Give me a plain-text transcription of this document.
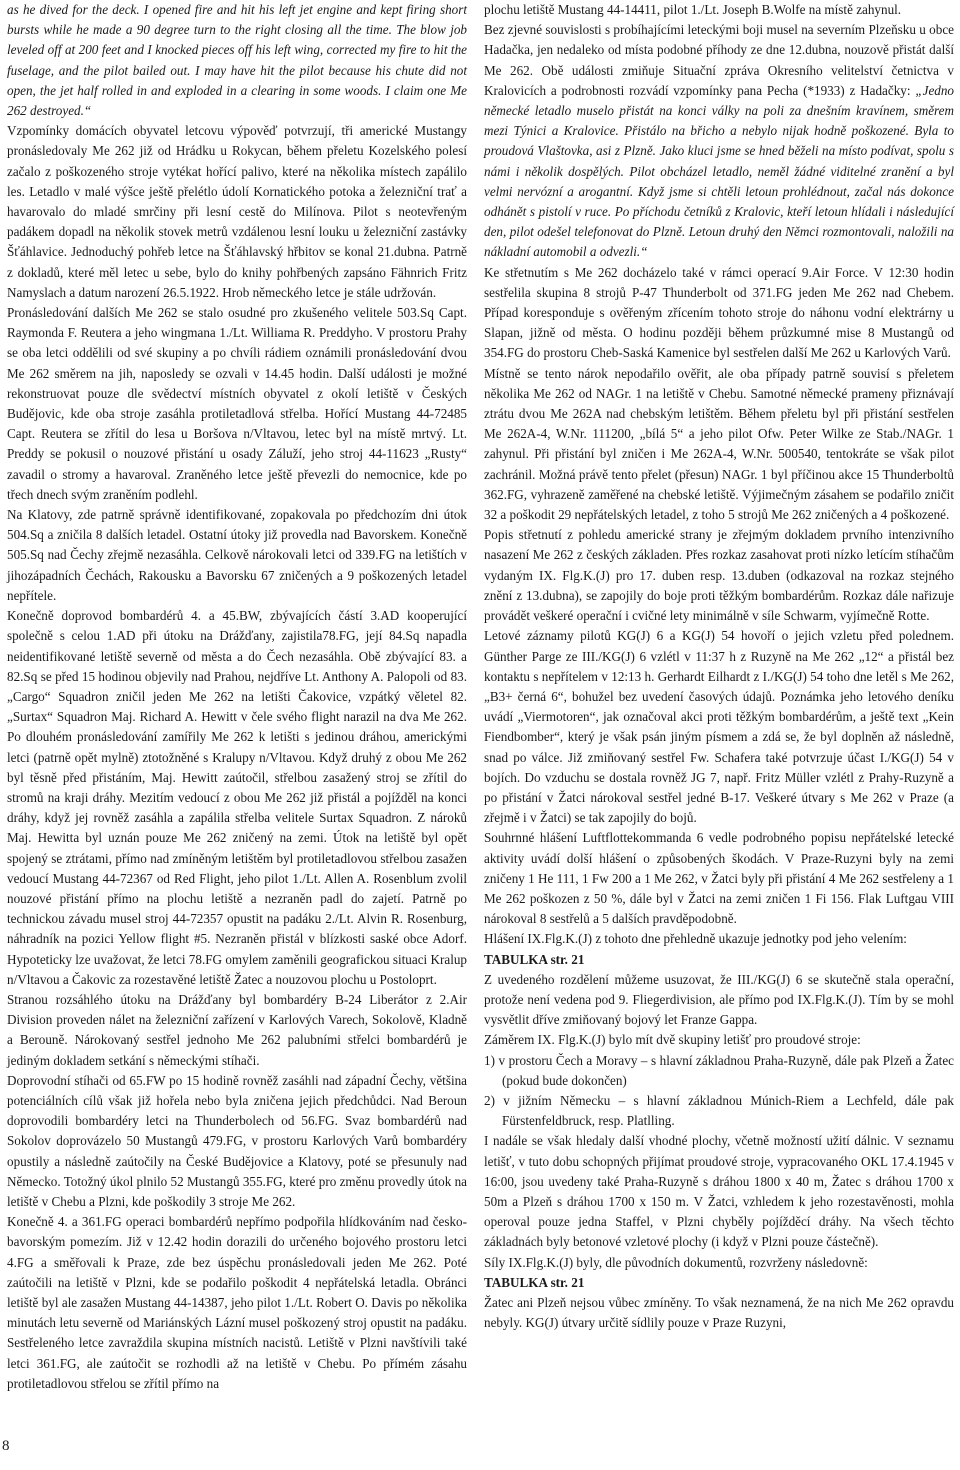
as he dived for the deck. I opened fire and hit his left jet engine and kept firing short bursts while he made a 90 degree turn to the right closing all the time. The blow job leveled off at 200 feet and I knocked pieces off his left wing, corrected my fire to hit the fuselage, and the pilot bailed out. I may have hit the pilot because his chute did not open, the jet half rolled in and exploded in a clearing in some woods. I claim one Me 262 destroyed.“

Vzpomínky domácích obyvatel letcovu výpověď potvrzují, tři americké Mustangy pronásledovaly Me 262 již od Hrádku u Rokycan, během přeletu Kozelského polesí začalo z poškozeného stroje vytékat hořící palivo, které na několika místech zapálilo les. Letadlo v malé výšce ještě přelétlo údolí Kornatického potoka a železniční trať a havarovalo do mladé smrčiny při lesní cestě do Milínova. Pilot s neotevřeným padákem dopadl na několik stovek metrů vzdálenou lesní louku u železniční zastávky Šťáhlavice. Jednoduchý pohřeb letce na Šťáhlavský hřbitov se konal 21.dubna. Patrně z dokladů, které měl letec u sebe, bylo do knihy pohřbených zapsáno Fähnrich Fritz Namyslach a datum narození 26.5.1922. Hrob německého letce je stále udržován.

Pronásledování dalších Me 262 se stalo osudné pro zkušeného velitele 503.Sq Capt. Raymonda F. Reutera a jeho wingmana 1./Lt. Williama R. Preddyho. V prostoru Prahy se oba letci oddělili od své skupiny a po chvíli rádiem oznámili pronásledování dvou Me 262 směrem na jih, naposledy se ozvali v 14.45 hodin. Další události je možné rekonstruovat pouze dle svědectví místních obyvatel z okolí letiště v Českých Budějovic, kde oba stroje zasáhla protiletadlová střelba. Hořící Mustang 44-72485 Capt. Reutera se zřítil do lesa u Boršova n/Vltavou, letec byl na místě mrtvý. Lt. Preddy se pokusil o nouzové přistání u osady Záluží, jeho stroj 44-11623 „Rusty“ zavadil o stromy a havaroval. Zraněného letce ještě převezli do nemocnice, kde po třech dnech svým zraněním podlehl.

Na Klatovy, zde patrně správně identifikované, zopakovala po předchozím dni útok 504.Sq a zničila 8 dalších letadel. Ostatní útoky již provedla nad Bavorskem. Konečně 505.Sq nad Čechy zřejmě nezasáhla. Celkově nárokovali letci od 339.FG na letištích v jihozápadních Čechách, Rakousku a Bavorsku 67 zničených a 9 poškozených letadel nepřítele.

Konečně doprovod bombardérů 4. a 45.BW, zbývajících částí 3.AD kooperující společně s celou 1.AD při útoku na Drážďany, zajistila78.FG, její 84.Sq napadla neidentifikované letiště severně od města a do Čech nezasáhla. Obě zbývající 83. a 82.Sq se před 15 hodinou objevily nad Prahou, nejdříve Lt. Anthony A. Palopoli od 83. „Cargo“ Squadron zničil jeden Me 262 na letišti Čakovice, vzpátký věletel 82. „Surtax“ Squadron Maj. Richard A. Hewitt v čele svého flight narazil na dva Me 262. Po dlouhém pronásledování zamířily Me 262 k letišti s jedinou dráhou, americkými letci (patrně opět mylně) ztotožněné s Kralupy n/Vltavou. Když druhý z obou Me 262 byl těsně před přistáním, Maj. Hewitt zaútočil, střelbou zasažený stroj se zřítil do stromů na kraji dráhy. Mezitím vedoucí z obou Me 262 již přistál a pojížděl na konci dráhy, když jej rovněž zasáhla a zapálila střelba velitele Surtax Squadron. Z nároků Maj. Hewitta byl uznán pouze Me 262 zničený na zemi. Útok na letiště byl opět spojený se ztrátami, přímo nad zmíněným letištěm byl protiletadlovou střelbou zasažen vedoucí Mustang 44-72367 od Red Flight, jeho pilot 1./Lt. Allen A. Rosenblum zvolil nouzové přistání přímo na plochu letiště a nezraněn padl do zajetí. Patrně po technickou závadu musel stroj 44-72357 opustit na padáku 2./Lt. Alvin R. Rosenburg, náhradník na pozici Yellow flight #5. Nezraněn přistál v blízkosti saské obce Adorf. Hypoteticky lze uvažovat, že letci 78.FG omylem zaměnili geografickou situaci Kralup n/Vltavou a Čakovic za rozestavěné letiště Žatec a nouzovou plochu u Postoloprt.

Stranou rozsáhlého útoku na Drážďany byl bombardéry B-24 Liberátor z 2.Air Division proveden nálet na železniční zařízení v Karlových Varech, Sokolově, Kladně a Berouně. Nárokovaný sestřel jednoho Me 262 palubními střelci bombardérů je jediným dokladem setkání s německými stíhači.

Doprovodní stíhači od 65.FW po 15 hodině rovněž zasáhli nad západní Čechy, většina potenciálních cílů však již hořela nebo byla zničena jejich předchůdci. Nad Beroun doprovodili bombardéry letci na Thunderbolech od 56.FG. Svaz bombardérů nad Sokolov doprovázelo 50 Mustangů 479.FG, v prostoru Karlových Varů bombardéry opustily a následně zaútočily na České Budějovice a Klatovy, poté se přesunuly nad Německo. Totožný úkol plnilo 52 Mustangů 355.FG, které pro změnu provedly útok na letiště v Chebu a Plzni, kde poškodily 3 stroje Me 262.

Konečně 4. a 361.FG operaci bombardérů nepřímo podpořila hlídkováním nad česko-bavorským pomezím. Již v 12.42 hodin dorazili do určeného bojového prostoru letci 4.FG a směřovali k Praze, zde bez úspěchu pronásledovali jeden Me 262. Poté zaútočili na letiště v Plzni, kde se podařilo poškodit 4 nepřátelská letadla. Obránci letiště byl ale zasažen Mustang 44-14387, jeho pilot 1./Lt. Robert O. Davis po několika minutách letu severně od Mariánských Lázní musel poškozený stroj opustit na padáku. Sestřeleného letce zavraždila skupina místních nacistů. Letiště v Plzni navštívili také letci 361.FG, ale zaútočit se rozhodli až na letiště v Chebu. Po přímém zásahu protiletadlovou střelou se zřítil přímo na

plochu letiště Mustang 44-14411, pilot 1./Lt. Joseph B.Wolfe na místě zahynul.

Bez zjevné souvislosti s probíhajícími leteckými boji musel na severním Plzeňsku u obce Hadačka, jen nedaleko od místa podobné příhody ze dne 12.dubna, nouzově přistát další Me 262. Obě události zmiňuje Situační zpráva Okresního velitelství četnictva v Kralovicích a podrobnosti rozvádí vzpomínky pana Pecha (*1933) z Hadačky: „Jedno německé letadlo muselo přistát na konci války na poli za dnešním kravínem, směrem mezi Týnici a Kralovice. Přistálo na břicho a nebylo nijak hodně poškozené. Byla to proudová Vlaštovka, asi z Plzně. Jako kluci jsme se hned běželi na místo podívat, spolu s námi i několik dospělých. Pilot obcházel letadlo, neměl žádné viditelné zranění a byl velmi nervózní a arogantní. Když jsme si chtěli letoun prohlédnout, začal nás dokonce odhánět s pistolí v ruce. Po příchodu četníků z Kralovic, kteří letoun hlídali i následující den, pilot odešel telefonovat do Plzně. Letoun druhý den Němci rozmontovali, naložili na nákladní automobil a odvezli.“

Ke střetnutím s Me 262 docházelo také v rámci operací 9.Air Force. V 12:30 hodin sestřelila skupina 8 strojů P-47 Thunderbolt od 371.FG jeden Me 262 nad Chebem. Případ koresponduje s ověřeným zřícením tohoto stroje do náhonu vodní elektrárny u Slapan, jižně od města. O hodinu později během průzkumné mise 8 Mustangů od 354.FG do prostoru Cheb-Saská Kamenice byl sestřelen další Me 262 u Karlových Varů.

Místně se tento nárok nepodařilo ověřit, ale oba případy patrně souvisí s přeletem několika Me 262 od NAGr. 1 na letiště v Chebu. Samotné německé prameny přiznávají ztrátu dvou Me 262A nad chebským letištěm. Během přeletu byl při přistání sestřelen Me 262A-4, W.Nr. 111200, „bílá 5“ a jeho pilot Ofw. Peter Wilke ze Stab./NAGr. 1 zahynul. Při přistání byl zničen i Me 262A-4, W.Nr. 500540, tentokráte se však pilot zachránil. Možná právě tento přelet (přesun) NAGr. 1 byl příčinou akce 15 Thunderboltů 362.FG, vyhrazeně zaměřené na chebské letiště. Výjimečným zásahem se podařilo zničit 32 a poškodit 29 nepřátelských letadel, z toho 5 strojů Me 262 zničených a 4 poškozené.

Popis střetnutí z pohledu americké strany je zřejmým dokladem prvního intenzivního nasazení Me 262 z českých základen. Přes rozkaz zasahovat proti nízko letícím stíhačům vydaným IX. Flg.K.(J) pro 17. duben resp. 13.duben (odkazoval na rozkaz stejného znění z 13.dubna), se zapojily do boje proti těžkým bombardérům. Rozkaz dále nařizuje provádět veškeré operační i cvičné lety minimálně v síle Schwarm, vyjímečně Rotte.

Letové záznamy pilotů KG(J) 6 a KG(J) 54 hovoří o jejich vzletu před polednem. Günther Parge ze III./KG(J) 6 vzlétl v 11:37 h z Ruzyně na Me 262 „12“ a přistál bez kontaktu s nepřítelem v 12:13 h. Gerhardt Eilhardt z I./KG(J) 54 toho dne letěl s Me 262, „B3+ černá 6“, bohužel bez uvedení časových údajů. Poznámka jeho letového deníku uvádí „Viermotoren“, jak označoval akci proti těžkým bombardérům, a ještě text „Kein Fiendbomber“, který je však psán jiným písmem a zdá se, že byl doplněn až následně, snad po válce. Již zmiňovaný sestřel Fw. Schafera také potvrzuje účast I./KG(J) 54 v bojích. Do vzduchu se dostala rovněž JG 7, např. Fritz Müller vzlétl z Prahy-Ruzyně a po přistání v Žatci nárokoval sestřel jedné B-17. Veškeré útvary s Me 262 v Praze (a zřejmě i v Žatci) se tak zapojily do bojů.

Souhrnné hlášení Luftflottekommanda 6 vedle podrobného popisu nepřátelské letecké aktivity uvádí dolší hlášení o způsobených škodách. V Praze-Ruzyni byly na zemi zničeny 1 He 111, 1 Fw 200 a 1 Me 262, v Žatci byly při přistání 4 Me 262 sestřeleny a 1 Me 262 poškozen z 50 %, dále byl v Žatci na zemi zničen 1 Fi 156. Flak Luftgau VIII nárokoval 8 sestřelů a 5 dalších pravděpodobně.

Hlášení IX.Flg.K.(J) z tohoto dne přehledně ukazuje jednotky pod jeho velením:

TABULKA str. 21

Z uvedeného rozdělení můžeme usuzovat, že III./KG(J) 6 se skutečně stala operační, protože není vedena pod 9. Fliegerdivision, ale přímo pod IX.Flg.K.(J). Tím by se mohl vysvětlit dříve zmiňovaný bojový let Franze Gappa.

Záměrem IX. Flg.K.(J) bylo mít dvě skupiny letišť pro proudové stroje:

1) v prostoru Čech a Moravy – s hlavní základnou Praha-Ruzyně, dále pak Plzeň a Žatec (pokud bude dokončen)

2) v jižním Německu – s hlavní základnou Múnich-Riem a Lechfeld, dále pak Fürstenfeldbruck, resp. Platlling.

I nadále se však hledaly další vhodné plochy, včetně možností užití dálnic. V seznamu letišť, v tuto dobu schopných přijímat proudové stroje, vypracovaného OKL 17.4.1945 v 16:00, jsou uvedeny také Praha-Ruzyně s dráhou 1800 x 40 m, Žatec s dráhou 1700 x 50m a Plzeň s dráhou 1700 x 150 m. V Žatci, vzhledem k jeho rozestavěnosti, mohla operoval pouze jedna Staffel, v Plzni chyběly pojížděcí dráhy. Na všech těchto základnách byly betonové vzletové plochy (i když v Plzni pouze částečně).

Síly IX.Flg.K.(J) byly, dle původních dokumentů, rozvrženy následovně:

TABULKA str. 21

Žatec ani Plzeň nejsou vůbec zmíněny. To však neznamená, že na nich Me 262 opravdu nebyly. KG(J) útvary určitě sídlily pouze v Praze Ruzyni,

8
